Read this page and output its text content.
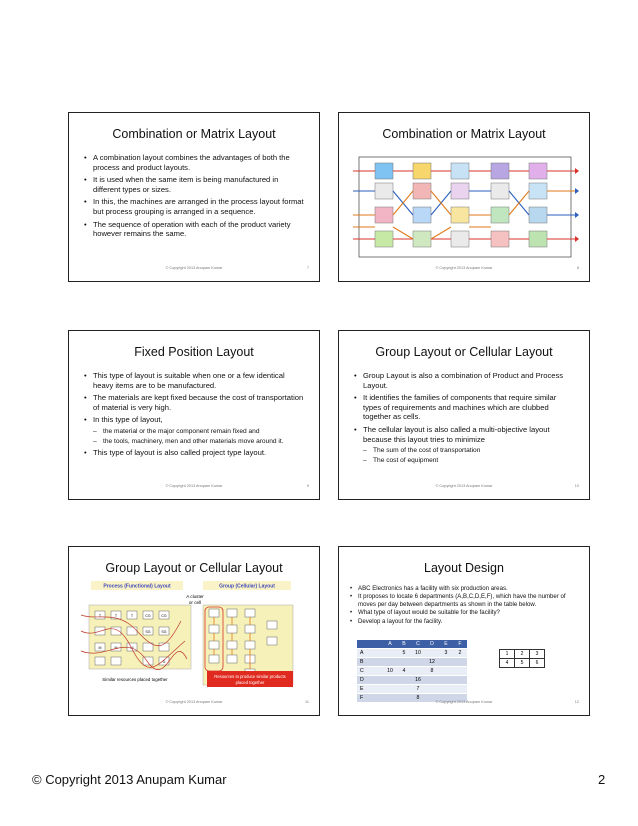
Combination or Matrix Layout
• A combination layout combines the advantages of both the process and product layouts.
• It is used when the same item is being manufactured in different types or sizes.
• In this, the machines are arranged in the process layout format but process grouping is arranged in a sequence.
• The sequence of operation with each of the product variety however remains the same.
© Copyright 2013 Anupam Kumar	7
Combination or Matrix Layout
© Copyright 2013 Anupam Kumar	8
Fixed Position Layout
• This type of layout is suitable when one or a few identical heavy items are to be manufactured.
• The materials are kept fixed because the cost of transportation of material is very high.
• In this type of layout,
– the material or the major component remain fixed and
– the tools, machinery, men and other materials move around it.
• This type of layout is also called project type layout.
© Copyright 2013 Anupam Kumar	9
Group Layout or Cellular Layout
• Group Layout is also a combination of Product and Process Layout.
• It identifies the families of components that require similar types of requirements and machines which are clubbed together as cells.
• The cellular layout is also called a multi-objective layout because this layout tries to minimize
– The sum of the cost of transportation
– The cost of equipment
© Copyright 2013 Anupam Kumar	10
Group Layout or Cellular Layout
Process (Functional) Layout	Group (Cellular) Layout
A cluster
or cell
T	T	T	CG	CG
M	M	M
SG	SG
G
Similar resources placed together
Resources to produce similar products
placed together
© Copyright 2013 Anupam Kumar	11
Layout Design
• ABC Electronics has a facility with six production areas.
• It proposes to locate 6 departments (A,B,C,D,E,F), which have the number of moves per day between departments as shown in the table below.
• What type of layout would be suitable for the facility?
• Develop a layout for the facility.
	A	B	C	D	E	F
A		5	10		3	2
B				12		
C	10	4		8		
D			16			
E			7			
F			8			
1	2	3
4	5	6
© Copyright 2013 Anupam Kumar	12
© Copyright 2013 Anupam Kumar	2
